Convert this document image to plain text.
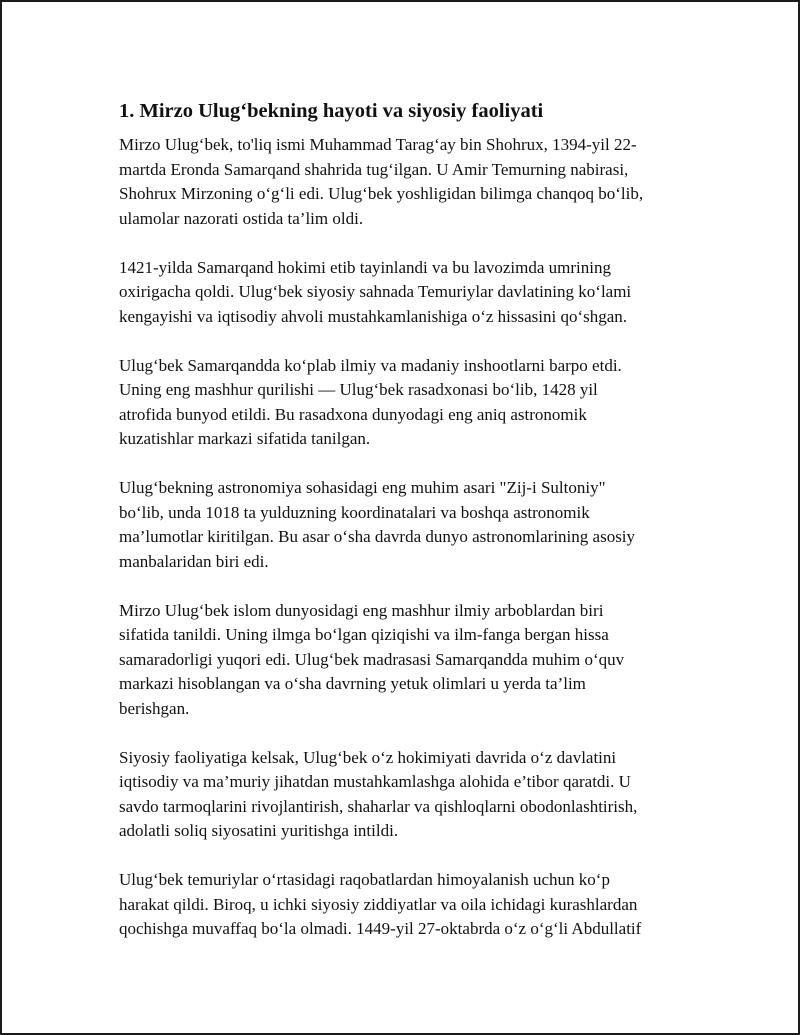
1. Mirzo Ulug‘bekning hayoti va siyosiy faoliyati

Mirzo Ulug‘bek, to'liq ismi Muhammad Tarag‘ay bin Shohrux, 1394-yil 22-
martda Eronda Samarqand shahrida tug‘ilgan. U Amir Temurning nabirasi,
Shohrux Mirzoning o‘g‘li edi. Ulug‘bek yoshligidan bilimga chanqoq bo‘lib,
ulamolar nazorati ostida ta’lim oldi.

1421-yilda Samarqand hokimi etib tayinlandi va bu lavozimda umrining
oxirigacha qoldi. Ulug‘bek siyosiy sahnada Temuriylar davlatining ko‘lami
kengayishi va iqtisodiy ahvoli mustahkamlanishiga o‘z hissasini qo‘shgan.

Ulug‘bek Samarqandda ko‘plab ilmiy va madaniy inshootlarni barpo etdi.
Uning eng mashhur qurilishi — Ulug‘bek rasadxonasi bo‘lib, 1428 yil
atrofida bunyod etildi. Bu rasadxona dunyodagi eng aniq astronomik
kuzatishlar markazi sifatida tanilgan.

Ulug‘bekning astronomiya sohasidagi eng muhim asari "Zij-i Sultoniy"
bo‘lib, unda 1018 ta yulduzning koordinatalari va boshqa astronomik
ma’lumotlar kiritilgan. Bu asar o‘sha davrda dunyo astronomlarining asosiy
manbalaridan biri edi.

Mirzo Ulug‘bek islom dunyosidagi eng mashhur ilmiy arboblardan biri
sifatida tanildi. Uning ilmga bo‘lgan qiziqishi va ilm-fanga bergan hissa
samaradorligi yuqori edi. Ulug‘bek madrasasi Samarqandda muhim o‘quv
markazi hisoblangan va o‘sha davrning yetuk olimlari u yerda ta’lim
berishgan.

Siyosiy faoliyatiga kelsak, Ulug‘bek o‘z hokimiyati davrida o‘z davlatini
iqtisodiy va ma’muriy jihatdan mustahkamlashga alohida e’tibor qaratdi. U
savdo tarmoqlarini rivojlantirish, shaharlar va qishloqlarni obodonlashtirish,
adolatli soliq siyosatini yuritishga intildi.

Ulug‘bek temuriylar o‘rtasidagi raqobatlardan himoyalanish uchun ko‘p
harakat qildi. Biroq, u ichki siyosiy ziddiyatlar va oila ichidagi kurashlardan
qochishga muvaffaq bo‘la olmadi. 1449-yil 27-oktabrda o‘z o‘g‘li Abdullatif
